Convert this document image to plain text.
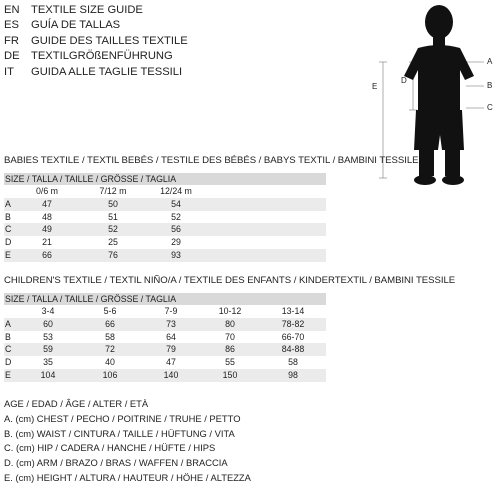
EN TEXTILE SIZE GUIDE
ES GUÍA DE TALLAS
FR GUIDE DES TAILLES TEXTILE
DE TEXTILGRÖßENFÜHRUNG
IT GUIDA ALLE TAGLIE TESSILI
E
D
A
B
C
BABIES TEXTILE / TEXTIL BEBÉS / TESTILE DES BÉBÉS / BABYS TEXTIL / BAMBINI TESSILE
SIZE / TALLA / TAILLE / GRÖSSE / TAGLIA
0/6 m	7/12 m	12/24 m
A	47	50	54
B	48	51	52
C	49	52	56
D	21	25	29
E	66	76	93
CHILDREN'S TEXTILE / TEXTIL NIÑO/A / TEXTILE DES ENFANTS / KINDERTEXTIL / BAMBINI TESSILE
SIZE / TALLA / TAILLE / GRÖSSE / TAGLIA
3-4	5-6	7-9	10-12	13-14
A	60	66	73	80	78-82
B	53	58	64	70	66-70
C	59	72	79	86	84-88
D	35	40	47	55	58
E	104	106	140	150	98
AGE / EDAD / ÂGE / ALTER / ETÀ
A. (cm) CHEST / PECHO / POITRINE / TRUHE / PETTO
B. (cm) WAIST / CINTURA / TAILLE / HÜFTUNG / VITA
C. (cm) HIP / CADERA / HANCHE / HÜFTE / HIPS
D. (cm) ARM / BRAZO / BRAS / WAFFEN / BRACCIA
E. (cm) HEIGHT / ALTURA / HAUTEUR / HÖHE / ALTEZZA
